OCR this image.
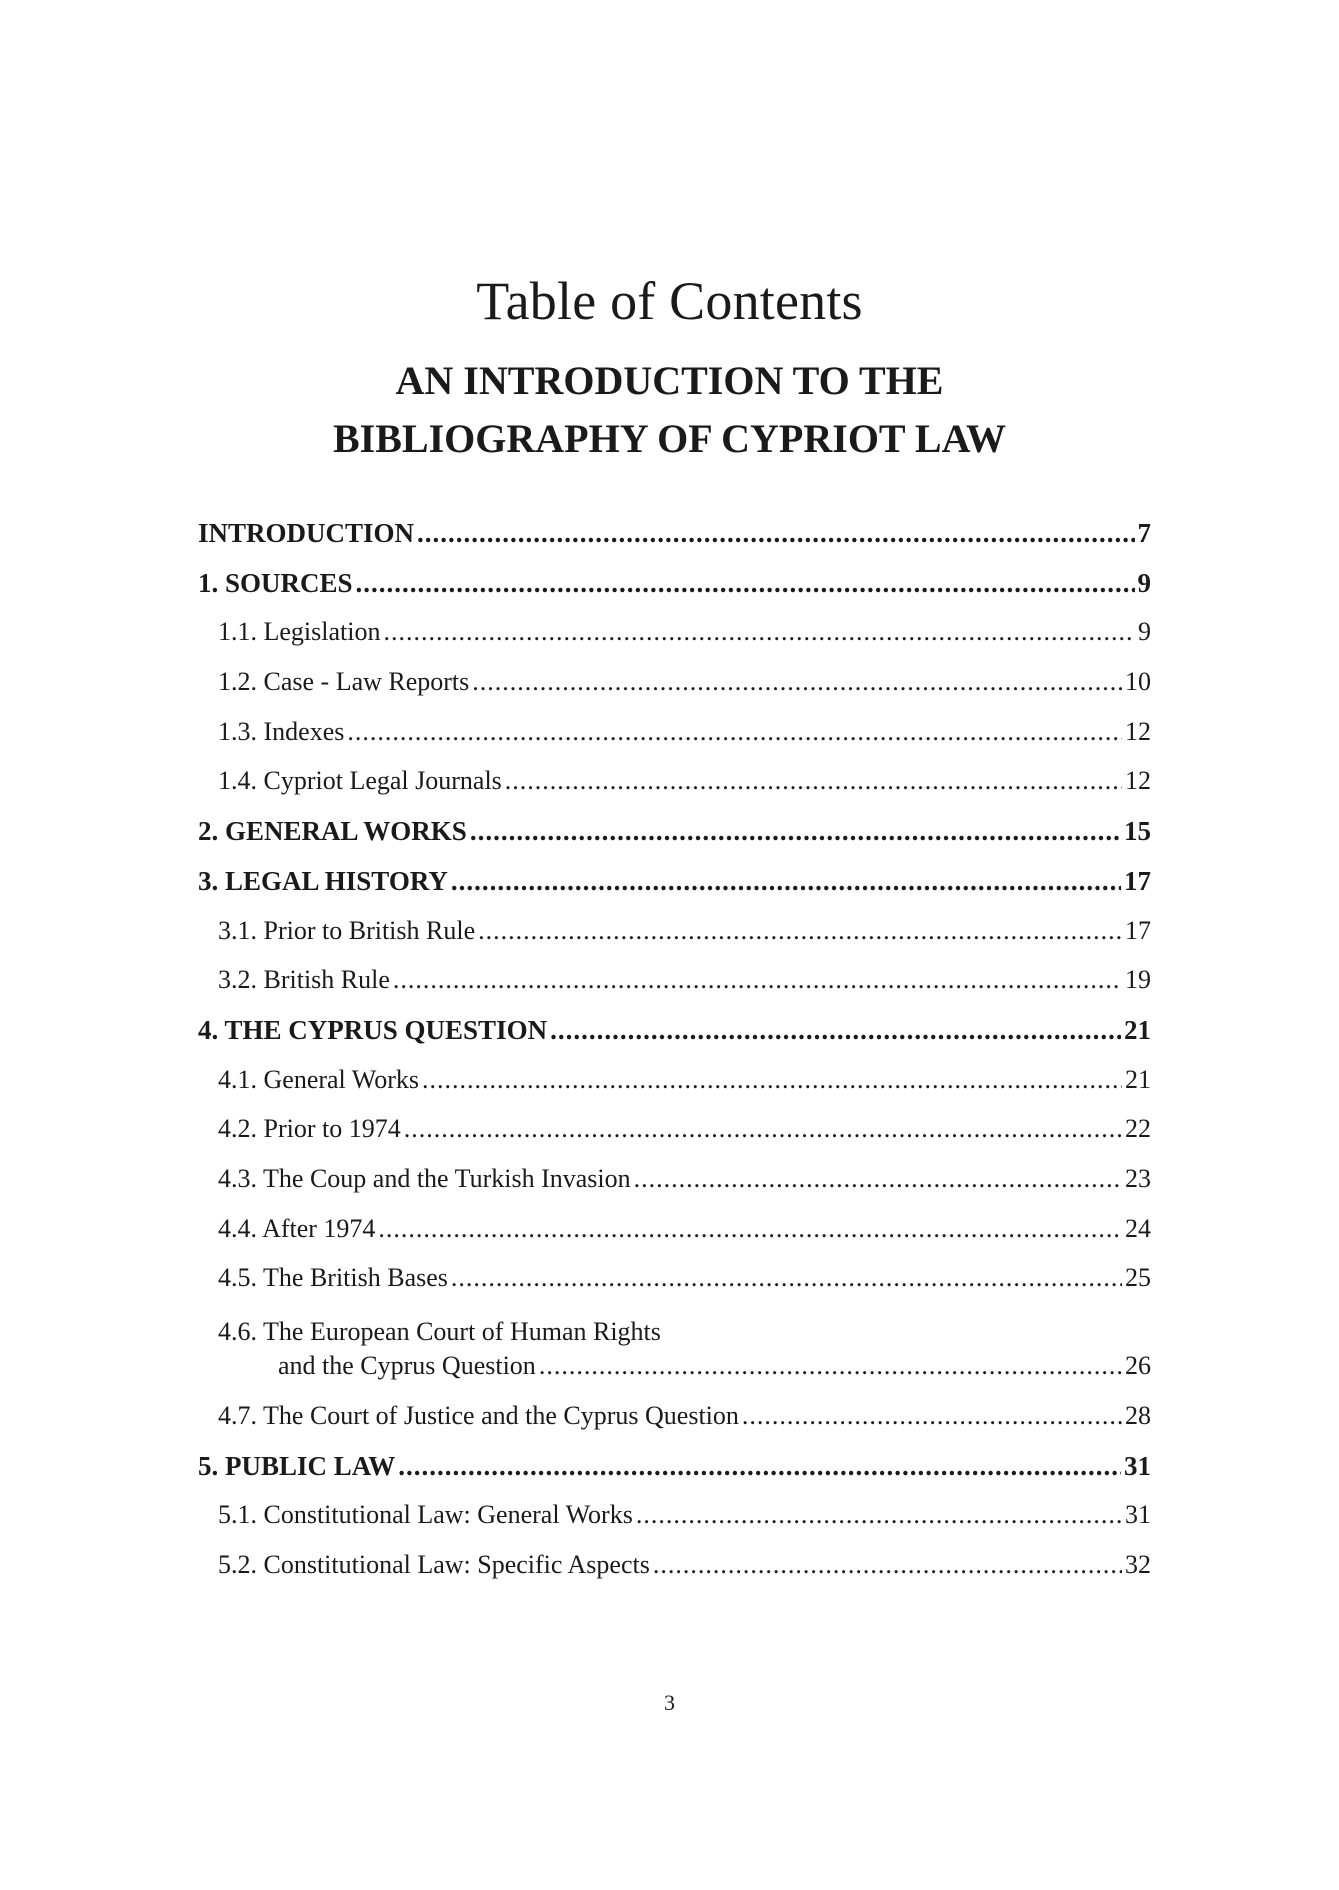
Table of Contents
AN INTRODUCTION TO THE
BIBLIOGRAPHY OF CYPRIOT LAW
INTRODUCTION .....	7
1. SOURCES .....	9
1.1. Legislation .....	9
1.2. Case - Law Reports .....	10
1.3. Indexes .....	12
1.4. Cypriot Legal Journals .....	12
2. GENERAL WORKS .....	15
3. LEGAL HISTORY .....	17
3.1. Prior to British Rule .....	17
3.2. British Rule .....	19
4. THE CYPRUS QUESTION .....	21
4.1. General Works .....	21
4.2. Prior to 1974 .....	22
4.3. The Coup and the Turkish Invasion .....	23
4.4. After 1974 .....	24
4.5. The British Bases .....	25
4.6. The European Court of Human Rights
and the Cyprus Question .....	26
4.7. The Court of Justice and the Cyprus Question .....	28
5. PUBLIC LAW .....	31
5.1. Constitutional Law: General Works .....	31
5.2. Constitutional Law: Specific Aspects .....	32
3
